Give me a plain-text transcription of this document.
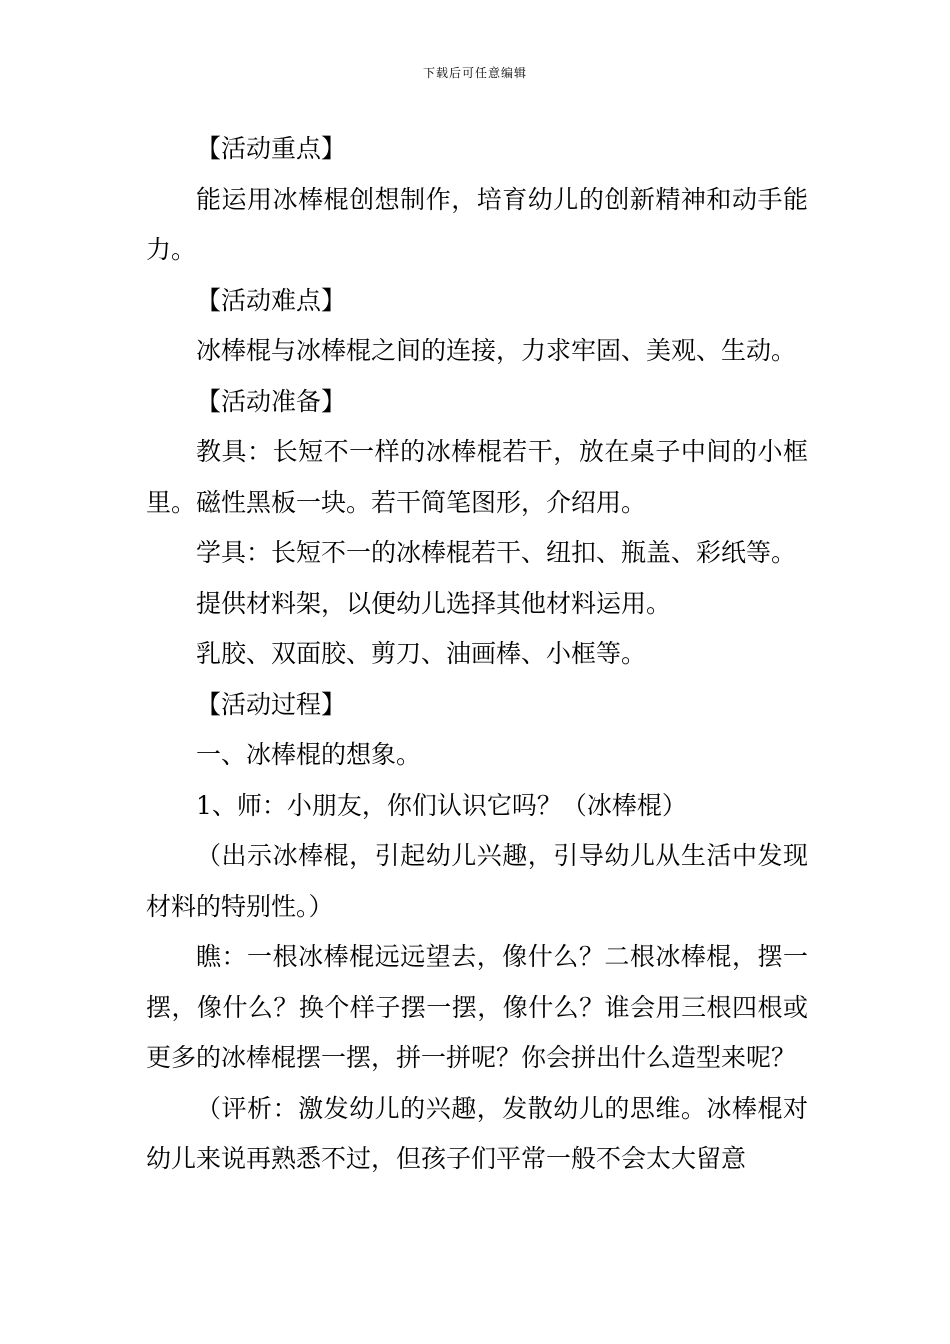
下载后可任意编辑

【活动重点】

能运用冰棒棍创想制作，培育幼儿的创新精神和动手能力。

【活动难点】

冰棒棍与冰棒棍之间的连接，力求牢固、美观、生动。

【活动准备】

教具：长短不一样的冰棒棍若干，放在桌子中间的小框里。磁性黑板一块。若干简笔图形，介绍用。

学具：长短不一的冰棒棍若干、纽扣、瓶盖、彩纸等。

提供材料架，以便幼儿选择其他材料运用。

乳胶、双面胶、剪刀、油画棒、小框等。

【活动过程】

一、冰棒棍的想象。

1、师：小朋友，你们认识它吗？（冰棒棍）

（出示冰棒棍，引起幼儿兴趣，引导幼儿从生活中发现材料的特别性。）

瞧：一根冰棒棍远远望去，像什么？二根冰棒棍，摆一摆，像什么？换个样子摆一摆，像什么？谁会用三根四根或更多的冰棒棍摆一摆，拼一拼呢？你会拼出什么造型来呢？

（评析：激发幼儿的兴趣，发散幼儿的思维。冰棒棍对幼儿来说再熟悉不过，但孩子们平常一般不会太大留意
